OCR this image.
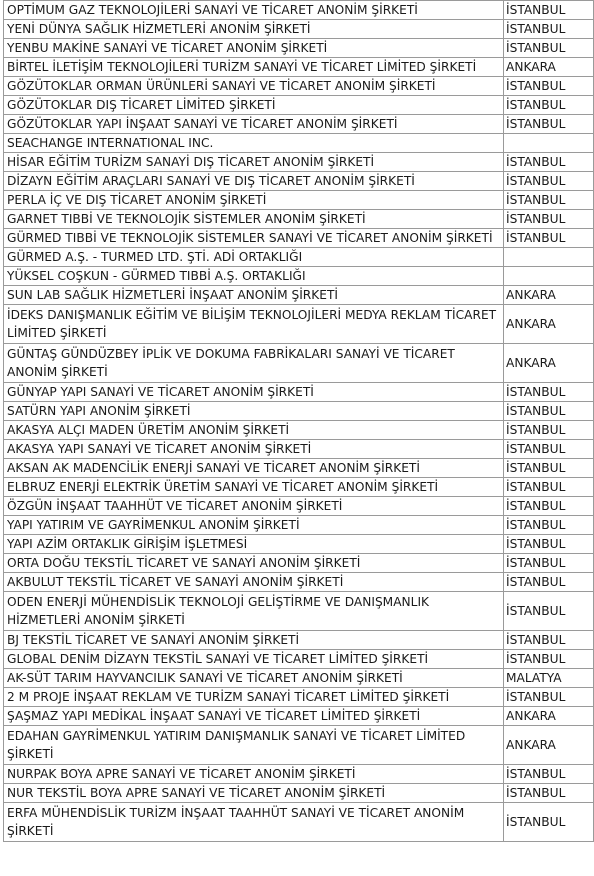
OPTİMUM GAZ TEKNOLOJİLERİ SANAYİ VE TİCARET ANONİM ŞİRKETİ	İSTANBUL
YENİ DÜNYA SAĞLIK HİZMETLERİ ANONİM ŞİRKETİ	İSTANBUL
YENBU MAKİNE SANAYİ VE TİCARET ANONİM ŞİRKETİ	İSTANBUL
BİRTEL İLETİŞİM TEKNOLOJİLERİ TURİZM SANAYİ VE TİCARET LİMİTED ŞİRKETİ	ANKARA
GÖZÜTOKLAR ORMAN ÜRÜNLERİ SANAYİ VE TİCARET ANONİM ŞİRKETİ	İSTANBUL
GÖZÜTOKLAR DIŞ TİCARET LİMİTED ŞİRKETİ	İSTANBUL
GÖZÜTOKLAR YAPI İNŞAAT SANAYİ VE TİCARET ANONİM ŞİRKETİ	İSTANBUL
SEACHANGE INTERNATIONAL INC.	
HİSAR EĞİTİM TURİZM SANAYİ DIŞ TİCARET ANONİM ŞİRKETİ	İSTANBUL
DİZAYN EĞİTİM ARAÇLARI SANAYİ VE DIŞ TİCARET ANONİM ŞİRKETİ	İSTANBUL
PERLA İÇ VE DIŞ TİCARET ANONİM ŞİRKETİ	İSTANBUL
GARNET TIBBİ VE TEKNOLOJİK SİSTEMLER ANONİM ŞİRKETİ	İSTANBUL
GÜRMED TIBBİ VE TEKNOLOJİK SİSTEMLER SANAYİ VE TİCARET ANONİM ŞİRKETİ	İSTANBUL
GÜRMED A.Ş. - TURMED LTD. ŞTİ. ADİ ORTAKLIĞI	
YÜKSEL COŞKUN - GÜRMED TIBBİ A.Ş. ORTAKLIĞI	
SUN LAB SAĞLIK HİZMETLERİ İNŞAAT ANONİM ŞİRKETİ	ANKARA
İDEKS DANIŞMANLIK EĞİTİM VE BİLİŞİM TEKNOLOJİLERİ MEDYA REKLAM TİCARET LİMİTED ŞİRKETİ	ANKARA
GÜNTAŞ GÜNDÜZBEY İPLİK VE DOKUMA FABRİKALARI SANAYİ VE TİCARET ANONİM ŞİRKETİ	ANKARA
GÜNYAP YAPI SANAYİ VE TİCARET ANONİM ŞİRKETİ	İSTANBUL
SATÜRN YAPI ANONİM ŞİRKETİ	İSTANBUL
AKASYA ALÇI MADEN ÜRETİM ANONİM ŞİRKETİ	İSTANBUL
AKASYA YAPI SANAYİ VE TİCARET ANONİM ŞİRKETİ	İSTANBUL
AKSAN AK MADENCİLİK ENERJİ SANAYİ VE TİCARET ANONİM ŞİRKETİ	İSTANBUL
ELBRUZ ENERJİ ELEKTRİK ÜRETİM SANAYİ VE TİCARET ANONİM ŞİRKETİ	İSTANBUL
ÖZGÜN İNŞAAT TAAHHÜT VE TİCARET ANONİM ŞİRKETİ	İSTANBUL
YAPI YATIRIM VE GAYRİMENKUL ANONİM ŞİRKETİ	İSTANBUL
YAPI AZİM ORTAKLIK GİRİŞİM İŞLETMESİ	İSTANBUL
ORTA DOĞU TEKSTİL TİCARET VE SANAYİ ANONİM ŞİRKETİ	İSTANBUL
AKBULUT TEKSTİL TİCARET VE SANAYİ ANONİM ŞİRKETİ	İSTANBUL
ODEN ENERJİ MÜHENDİSLİK TEKNOLOJİ GELİŞTİRME VE DANIŞMANLIK HİZMETLERİ ANONİM ŞİRKETİ	İSTANBUL
BJ TEKSTİL TİCARET VE SANAYİ ANONİM ŞİRKETİ	İSTANBUL
GLOBAL DENİM DİZAYN TEKSTİL SANAYİ VE TİCARET LİMİTED ŞİRKETİ	İSTANBUL
AK-SÜT TARIM HAYVANCILIK SANAYİ VE TİCARET ANONİM ŞİRKETİ	MALATYA
2 M PROJE İNŞAAT REKLAM VE TURİZM SANAYİ TİCARET LİMİTED ŞİRKETİ	İSTANBUL
ŞAŞMAZ YAPI MEDİKAL İNŞAAT SANAYİ VE TİCARET LİMİTED ŞİRKETİ	ANKARA
EDAHAN GAYRİMENKUL YATIRIM DANIŞMANLIK SANAYİ VE TİCARET LİMİTED ŞİRKETİ	ANKARA
NURPAK BOYA APRE SANAYİ VE TİCARET ANONİM ŞİRKETİ	İSTANBUL
NUR TEKSTİL BOYA APRE SANAYİ VE TİCARET ANONİM ŞİRKETİ	İSTANBUL
ERFA MÜHENDİSLİK TURİZM İNŞAAT TAAHHÜT SANAYİ VE TİCARET ANONİM ŞİRKETİ	İSTANBUL
